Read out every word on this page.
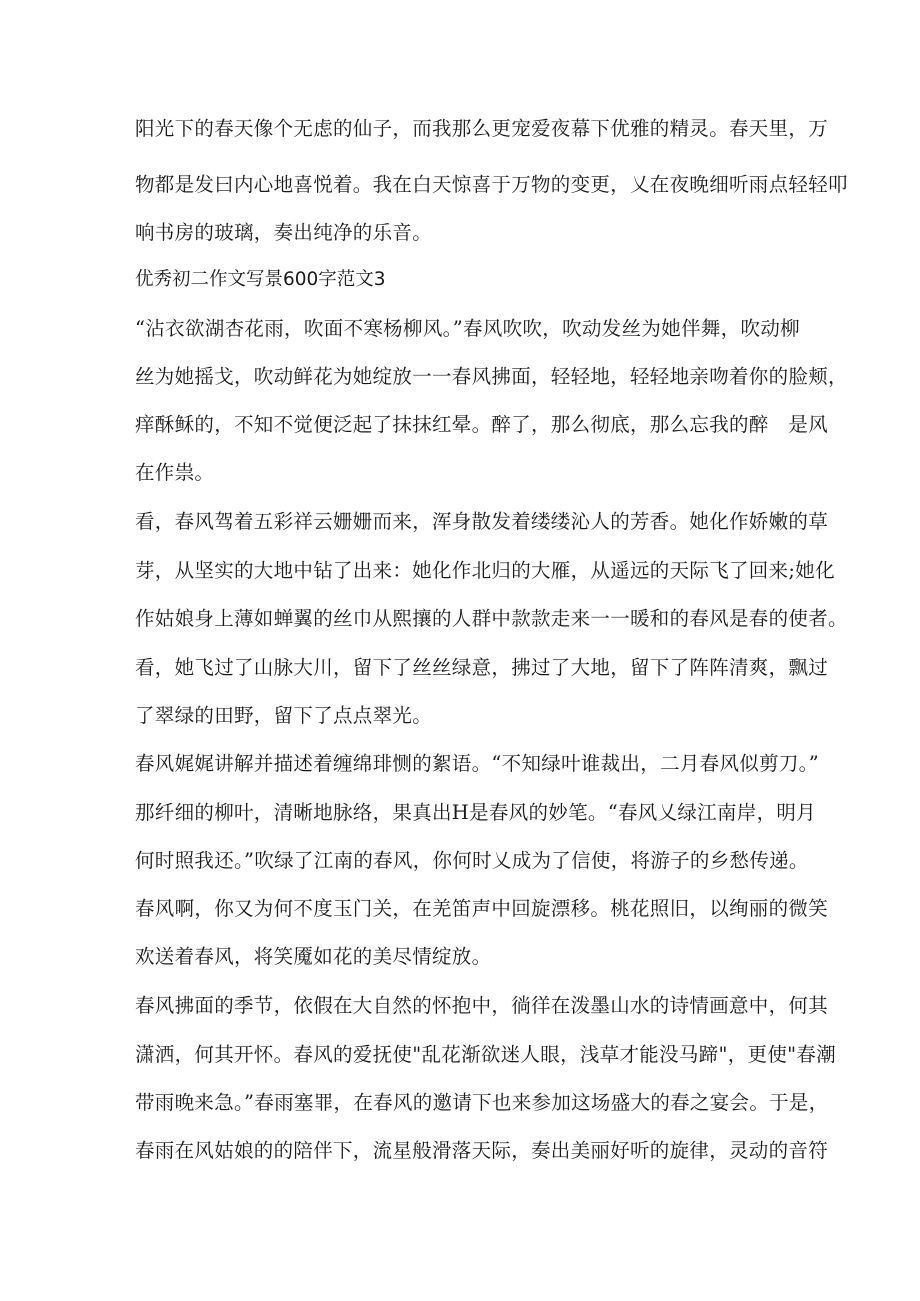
阳光下的春天像个无虑的仙子，而我那么更宠爱夜幕下优雅的精灵。春天里，万
物都是发曰内心地喜悦着。我在白天惊喜于万物的变更，乂在夜晚细听雨点轻轻叩
响书房的玻璃，奏出纯净的乐音。
优秀初二作文写景600字范文3
“沾衣欲湖杏花雨，吹面不寒杨柳风。”春风吹吹，吹动发丝为她伴舞，吹动柳
丝为她摇戈，吹动鲜花为她绽放一一春风拂面，轻轻地，轻轻地亲吻着你的脸颊，
痒酥稣的，不知不觉便泛起了抹抹红晕。醉了，那么彻底，那么忘我的醉　是风
在作祟。
看，春风驾着五彩祥云姗姗而来，浑身散发着缕缕沁人的芳香。她化作娇嫩的草
芽，从坚实的大地中钻了出来：她化作北归的大雁，从遥远的天际飞了回来;她化
作姑娘身上薄如蝉翼的丝巾从熙攘的人群中款款走来一一暖和的春风是春的使者。
看，她飞过了山脉大川，留下了丝丝绿意，拂过了大地，留下了阵阵清爽，飘过
了翠绿的田野，留下了点点翠光。
春风娓娓讲解并描述着缠绵琲恻的絮语。“不知绿叶谁裁出，二月春风似剪刀。”
那纤细的柳叶，清晰地脉络，果真出H是春风的妙笔。“春风乂绿江南岸，明月
何时照我还。”吹绿了江南的春风，你何时乂成为了信使，将游子的乡愁传递。
春风啊，你又为何不度玉门关，在羌笛声中回旋漂移。桃花照旧，以绚丽的微笑
欢送着春风，将笑魇如花的美尽情绽放。
春风拂面的季节，依假在大自然的怀抱中，徜徉在泼墨山水的诗情画意中，何其
潇洒，何其开怀。春风的爱抚使"乱花渐欲迷人眼，浅草才能没马蹄"，更使"春潮
带雨晚来急。”春雨塞罪，在春风的邀请下也来参加这场盛大的春之宴会。于是，
春雨在风姑娘的的陪伴下，流星般滑落天际，奏出美丽好听的旋律，灵动的音符
